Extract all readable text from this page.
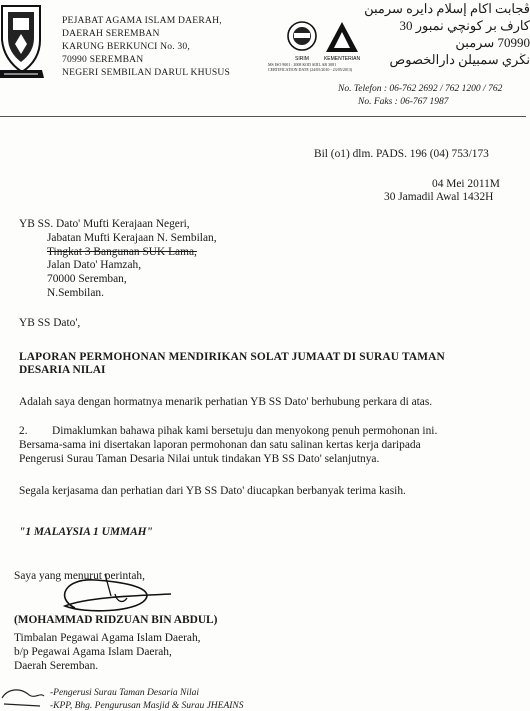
PEJABAT AGAMA ISLAM DAERAH,
DAERAH SEREMBAN
KARUNG BERKUNCI No. 30,
70990 SEREMBAN
NEGERI SEMBILAN DARUL KHUSUS
SIRIM	KEMENTERIAN
MS ISO 9001 : 2008 KOD SIJIL AR 3081
CERTIFICATION DATE (24/05/2010 - 23/05/2013)
ڤجابت اكام إسلام دايره سرمبن
كارف بر كونچي نمبور 30
70990 سرمبن
نڬري سمبيلن دارالخصوص
No. Telefon : 06-762 2692 / 762 1200 / 762
No. Faks : 06-767 1987
Bil (o1) dlm. PADS. 196 (04) 753/173
04 Mei 2011M
30 Jamadil Awal 1432H
YB SS. Dato' Mufti Kerajaan Negeri,
Jabatan Mufti Kerajaan N. Sembilan,
Tingkat 3 Bangunan SUK Lama,
Jalan Dato' Hamzah,
70000 Seremban,
N.Sembilan.
YB SS Dato',
LAPORAN PERMOHONAN MENDIRIKAN SOLAT JUMAAT DI SURAU TAMAN
DESARIA NILAI
Adalah saya dengan hormatnya menarik perhatian YB SS Dato' berhubung perkara di atas.
2. Dimaklumkan bahawa pihak kami bersetuju dan menyokong penuh permohonan ini.
Bersama-sama ini disertakan laporan permohonan dan satu salinan kertas kerja daripada
Pengerusi Surau Taman Desaria Nilai untuk tindakan YB SS Dato' selanjutnya.
Segala kerjasama dan perhatian dari YB SS Dato' diucapkan berbanyak terima kasih.
"1 MALAYSIA 1 UMMAH"
Saya yang menurut perintah,
(MOHAMMAD RIDZUAN BIN ABDUL)
Timbalan Pegawai Agama Islam Daerah,
b/p Pegawai Agama Islam Daerah,
Daerah Seremban.
-Pengerusi Surau Taman Desaria Nilai
-KPP, Bhg. Pengurusan Masjid & Surau JHEAINS
